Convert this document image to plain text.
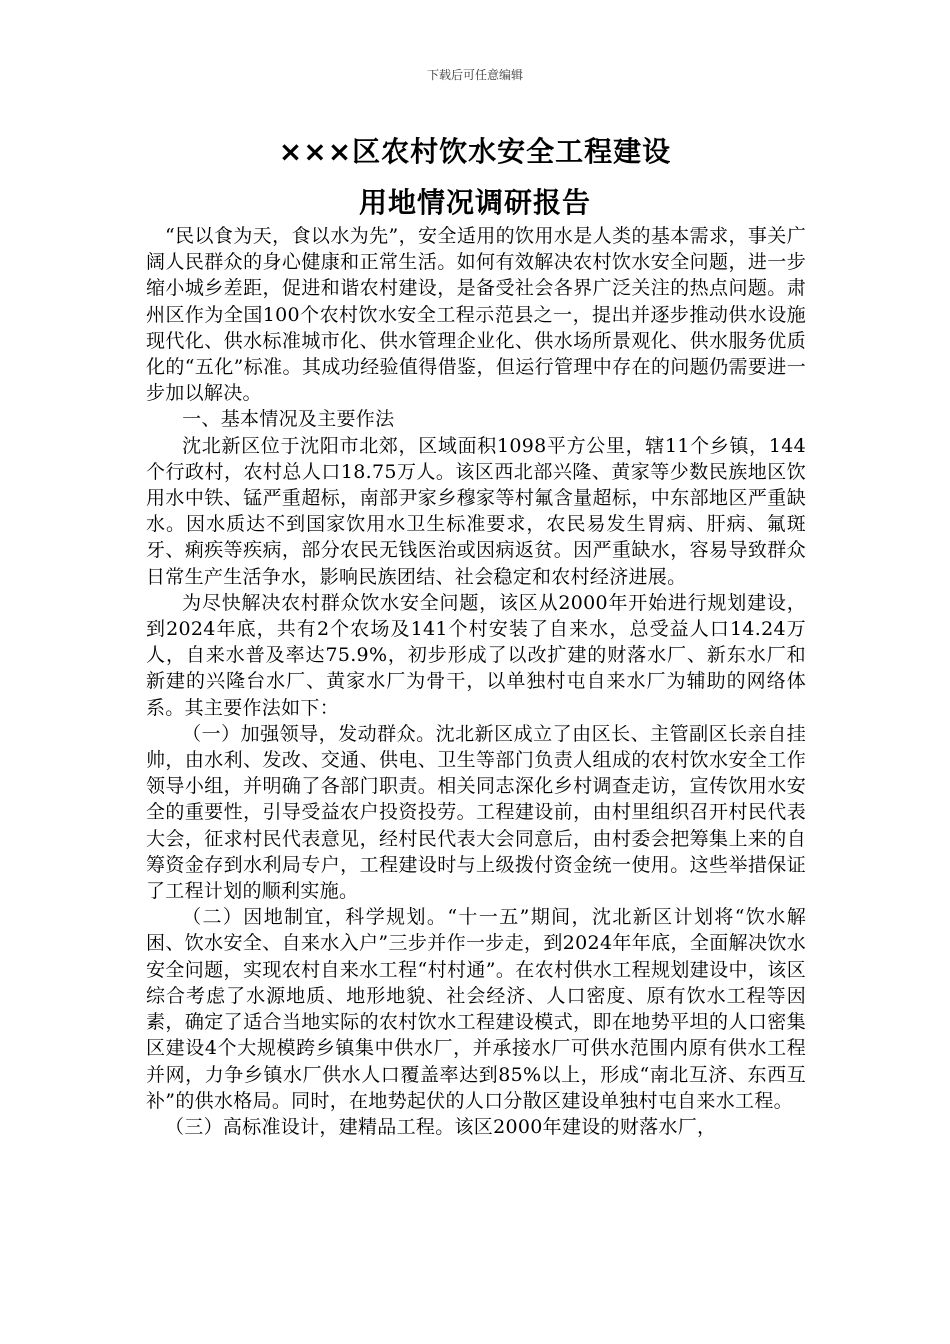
下载后可任意编辑
×××区农村饮水安全工程建设
用地情况调研报告

“民以食为天，食以水为先”，安全适用的饮用水是人类的基本需求，事关广阔人民群众的身心健康和正常生活。如何有效解决农村饮水安全问题，进一步缩小城乡差距，促进和谐农村建设，是备受社会各界广泛关注的热点问题。肃州区作为全国100个农村饮水安全工程示范县之一，提出并逐步推动供水设施现代化、供水标准城市化、供水管理企业化、供水场所景观化、供水服务优质化的“五化”标准。其成功经验值得借鉴，但运行管理中存在的问题仍需要进一步加以解决。

一、基本情况及主要作法

沈北新区位于沈阳市北郊，区域面积1098平方公里，辖11个乡镇，144个行政村，农村总人口18.75万人。该区西北部兴隆、黄家等少数民族地区饮用水中铁、锰严重超标，南部尹家乡穆家等村氟含量超标，中东部地区严重缺水。因水质达不到国家饮用水卫生标准要求，农民易发生胃病、肝病、氟斑牙、痢疾等疾病，部分农民无钱医治或因病返贫。因严重缺水，容易导致群众日常生产生活争水，影响民族团结、社会稳定和农村经济进展。

为尽快解决农村群众饮水安全问题，该区从2000年开始进行规划建设，到2024年底，共有2个农场及141个村安装了自来水，总受益人口14.24万人，自来水普及率达75.9%，初步形成了以改扩建的财落水厂、新东水厂和新建的兴隆台水厂、黄家水厂为骨干，以单独村屯自来水厂为辅助的网络体系。其主要作法如下：

（一）加强领导，发动群众。沈北新区成立了由区长、主管副区长亲自挂帅，由水利、发改、交通、供电、卫生等部门负责人组成的农村饮水安全工作领导小组，并明确了各部门职责。相关同志深化乡村调查走访，宣传饮用水安全的重要性，引导受益农户投资投劳。工程建设前，由村里组织召开村民代表大会，征求村民代表意见，经村民代表大会同意后，由村委会把筹集上来的自筹资金存到水利局专户，工程建设时与上级拨付资金统一使用。这些举措保证了工程计划的顺利实施。

（二）因地制宜，科学规划。“十一五”期间，沈北新区计划将“饮水解困、饮水安全、自来水入户”三步并作一步走，到2024年年底，全面解决饮水安全问题，实现农村自来水工程“村村通”。在农村供水工程规划建设中，该区综合考虑了水源地质、地形地貌、社会经济、人口密度、原有饮水工程等因素，确定了适合当地实际的农村饮水工程建设模式，即在地势平坦的人口密集区建设4个大规模跨乡镇集中供水厂，并承接水厂可供水范围内原有供水工程并网，力争乡镇水厂供水人口覆盖率达到85%以上，形成“南北互济、东西互补”的供水格局。同时，在地势起伏的人口分散区建设单独村屯自来水工程。

（三）高标准设计，建精品工程。该区2000年建设的财落水厂，
